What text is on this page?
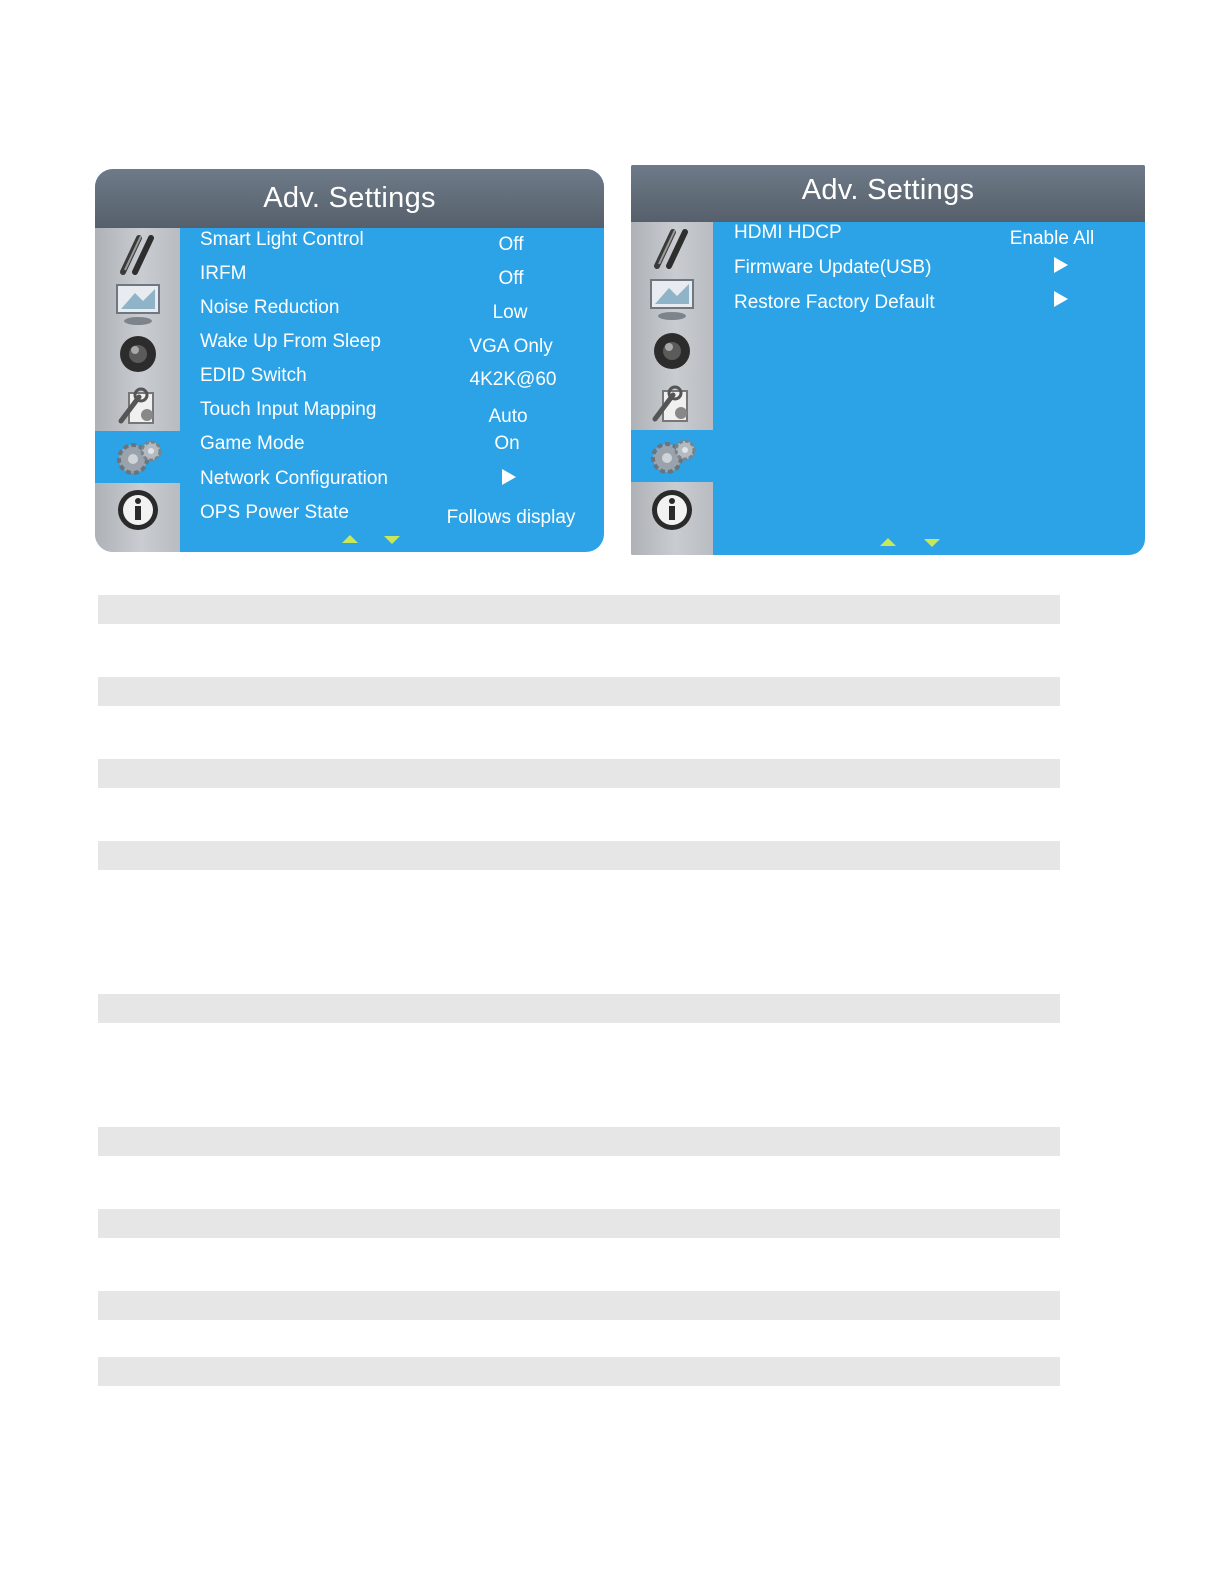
Adv. Settings
Smart Light Control	Off
IRFM	Off
Noise Reduction	Low
Wake Up From Sleep	VGA Only
EDID Switch	4K2K@60
Touch Input Mapping	Auto
Game Mode	On
Network Configuration
OPS Power State	Follows display
Adv. Settings
HDMI HDCP	Enable All
Firmware Update(USB)
Restore Factory Default
